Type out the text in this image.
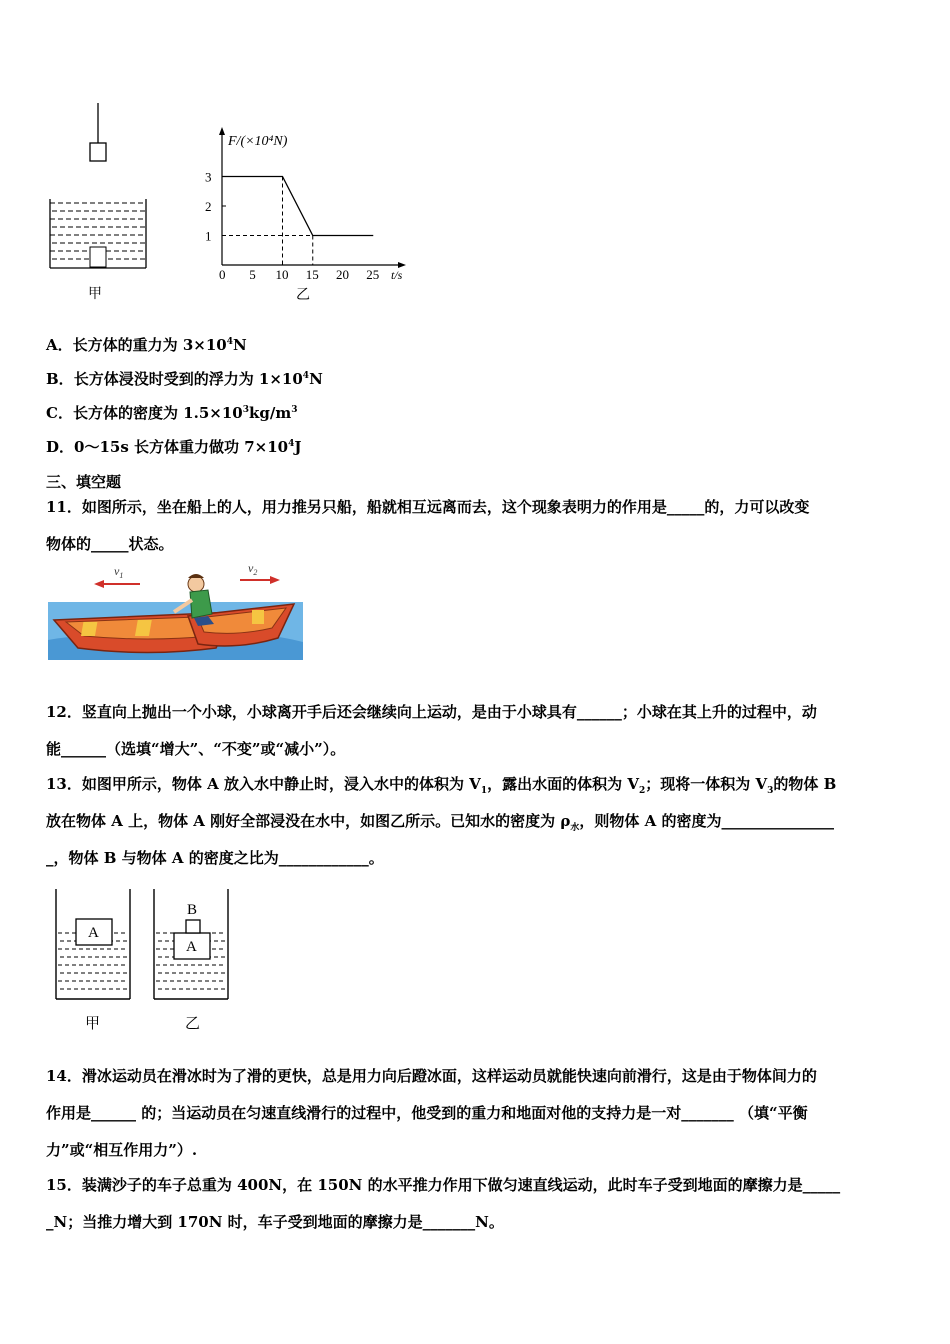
甲
F/(×10⁴N)
t/s
0 5 10 15 20 25
1
2
3
乙
A．长方体的重力为 $3\times 10^4N$
B．长方体浸没时受到的浮力为 $1\times 10^4N$
C．长方体的密度为 $1.5\times 10^3kg/m^3$
D．0～15s 长方体重力做功 $7\times 10^4J$
三、填空题
11．如图所示，坐在船上的人，用力推另只船，船就相互远离而去，这个现象表明力的作用是_____的，力可以改变
物体的_____状态。
$v_1$
$v_2$
12．竖直向上抛出一个小球，小球离开手后还会继续向上运动，是由于小球具有______；小球在其上升的过程中，动
能______（选填“增大”、“不变”或“减小”）。
13．如图甲所示，物体 A 放入水中静止时，浸入水中的体积为 $V_1$，露出水面的体积为 $V_2$；现将一体积为 $V_3$的物体 B
放在物体 A 上，物体 A 刚好全部浸没在水中，如图乙所示。已知水的密度为 $\rho_水$，则物体 A 的密度为_______________
_，物体 B 与物体 A 的密度之比为____________。
A
甲
A
B
乙
14．滑冰运动员在滑冰时为了滑的更快，总是用力向后蹬冰面，这样运动员就能快速向前滑行，这是由于物体间力的
作用是______ 的；当运动员在匀速直线滑行的过程中，他受到的重力和地面对他的支持力是一对_______ （填“平衡
力”或“相互作用力”）.
15．装满沙子的车子总重为 400N，在 150N 的水平推力作用下做匀速直线运动，此时车子受到地面的摩擦力是_____
_N；当推力增大到 170N 时，车子受到地面的摩擦力是_______N。
